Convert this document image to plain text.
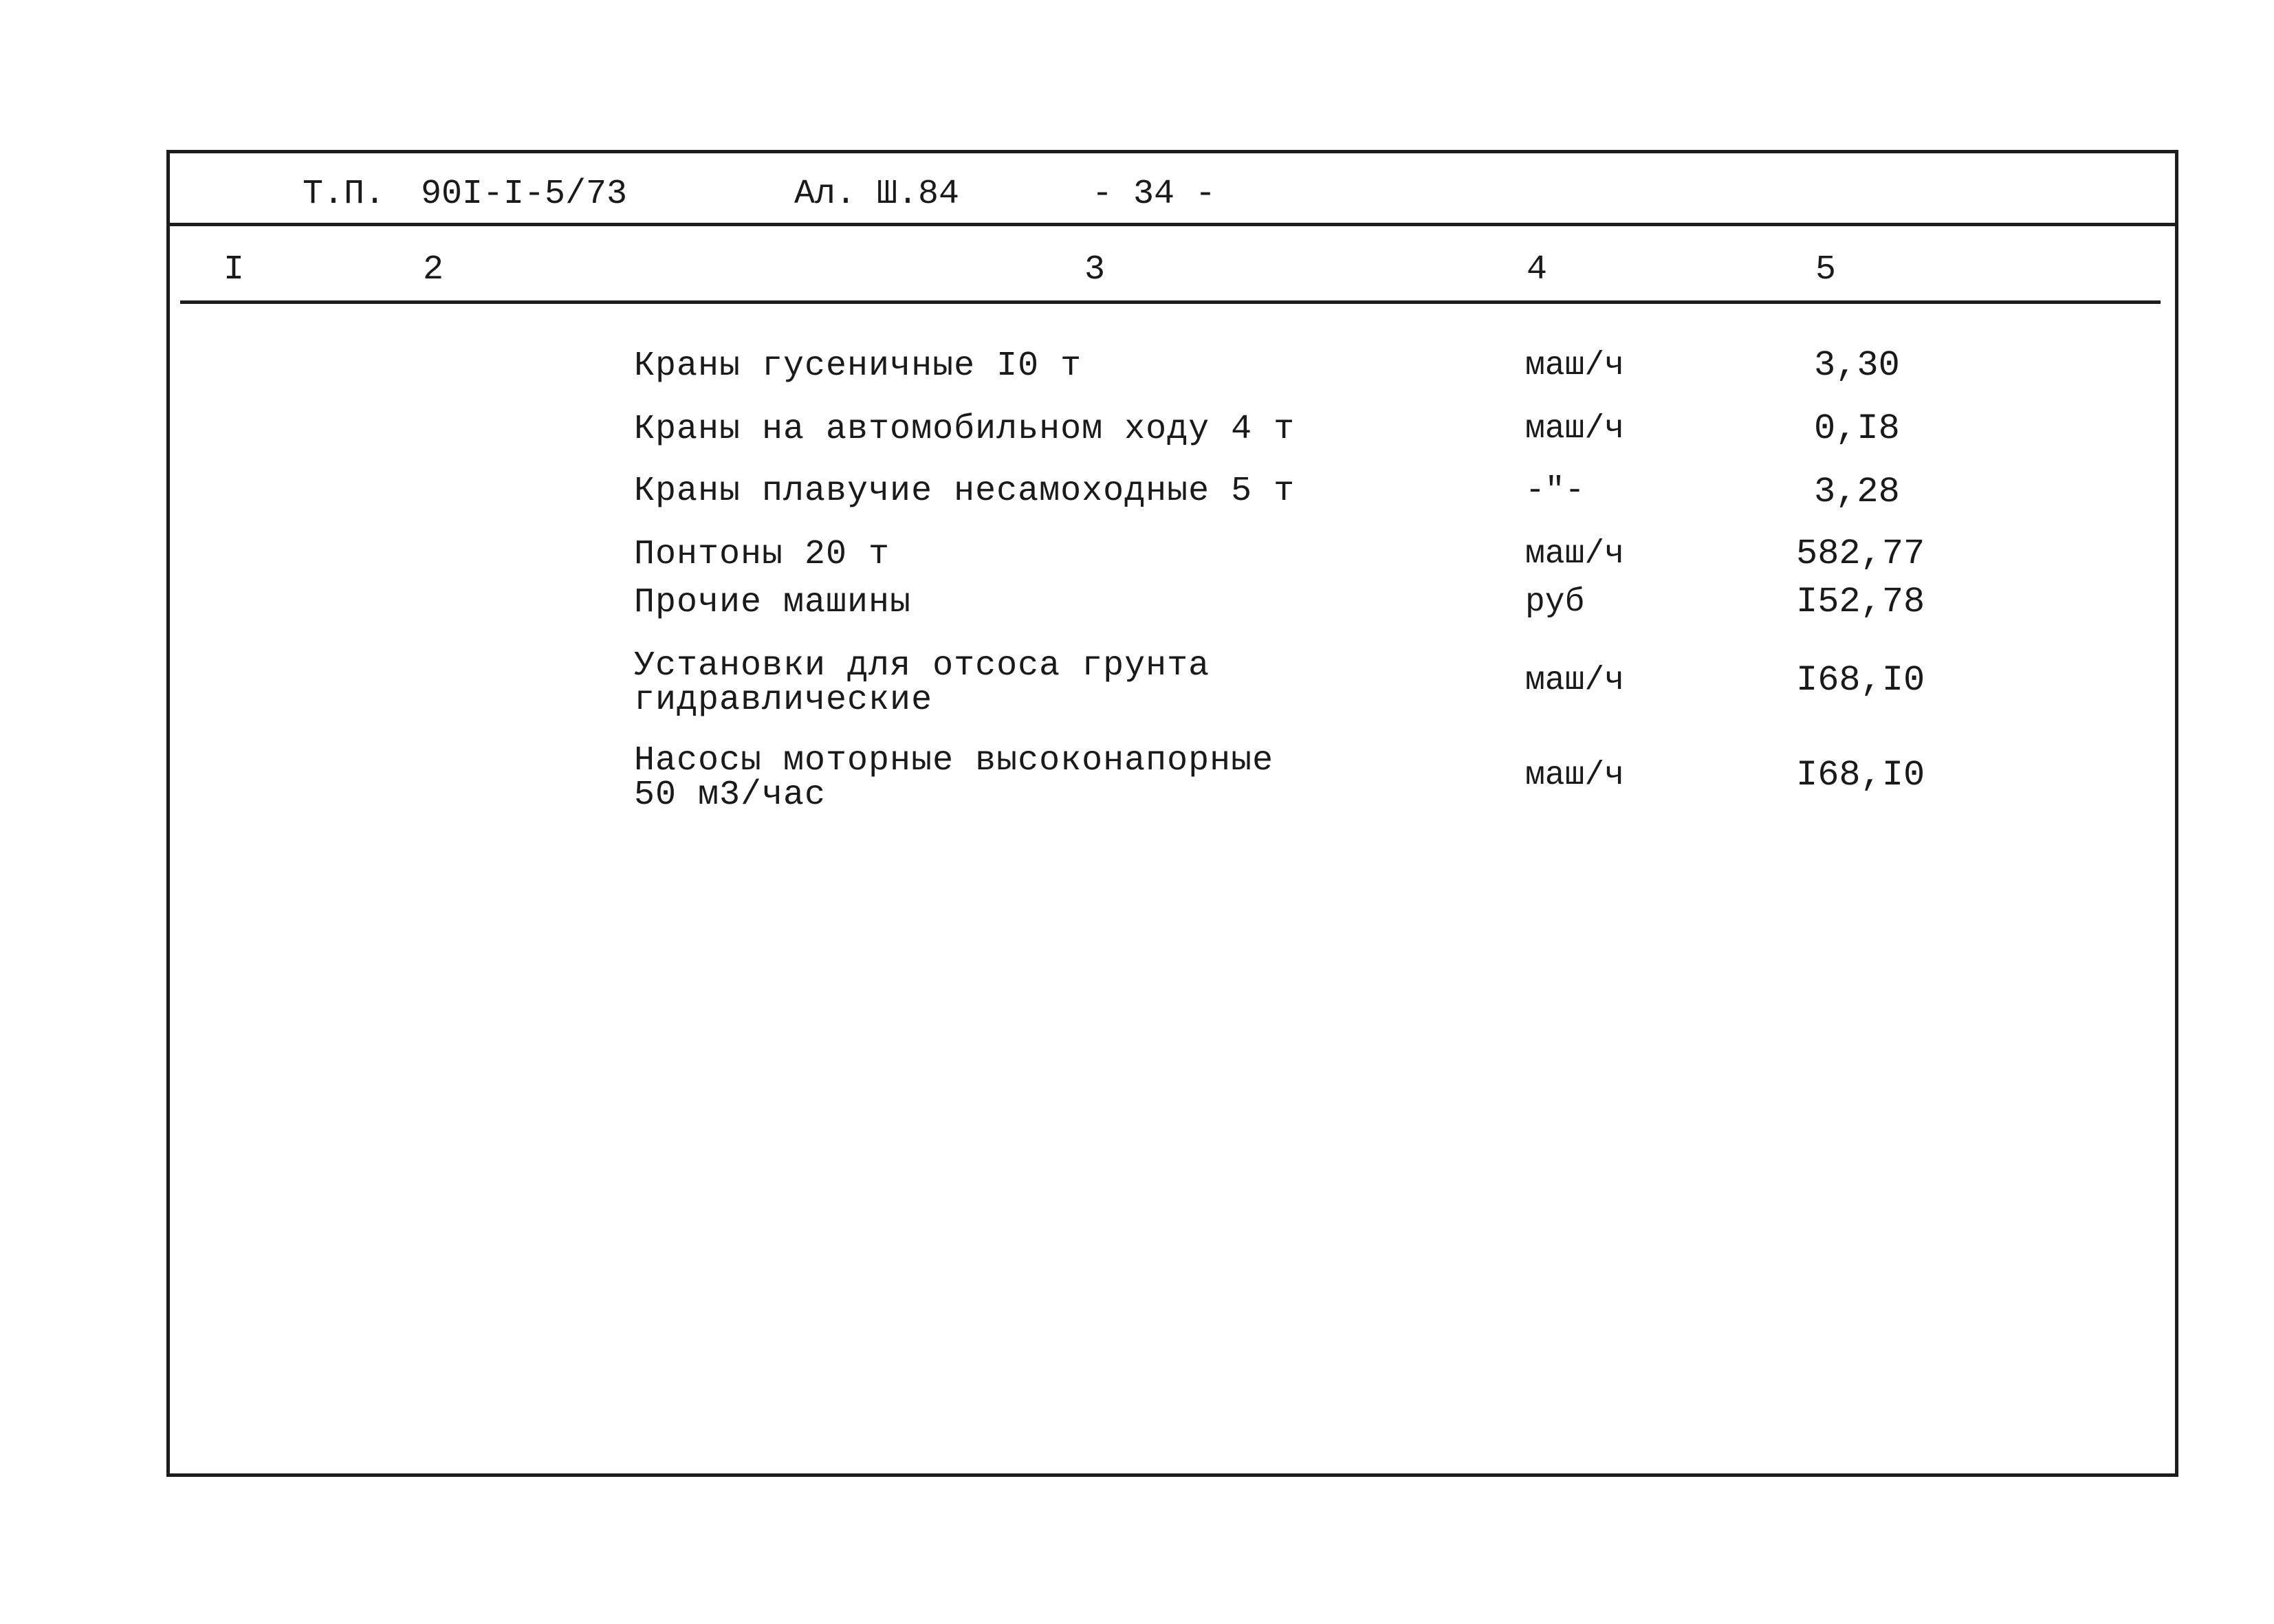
Т.П. 90I-I-5/73	Ал. Ш.84	- 34 -
I	2	3	4	5
Краны гусеничные I0 т	маш/ч	3,30
Краны на автомобильном ходу 4 т	маш/ч	0,I8
Краны плавучие несамоходные 5 т	-"-	3,28
Понтоны 20 т	маш/ч	582,77
Прочие машины	руб	I52,78
Установки для отсоса грунта
гидравлические	маш/ч	I68,I0
Насосы моторные высоконапорные
50 м3/час	маш/ч	I68,I0
